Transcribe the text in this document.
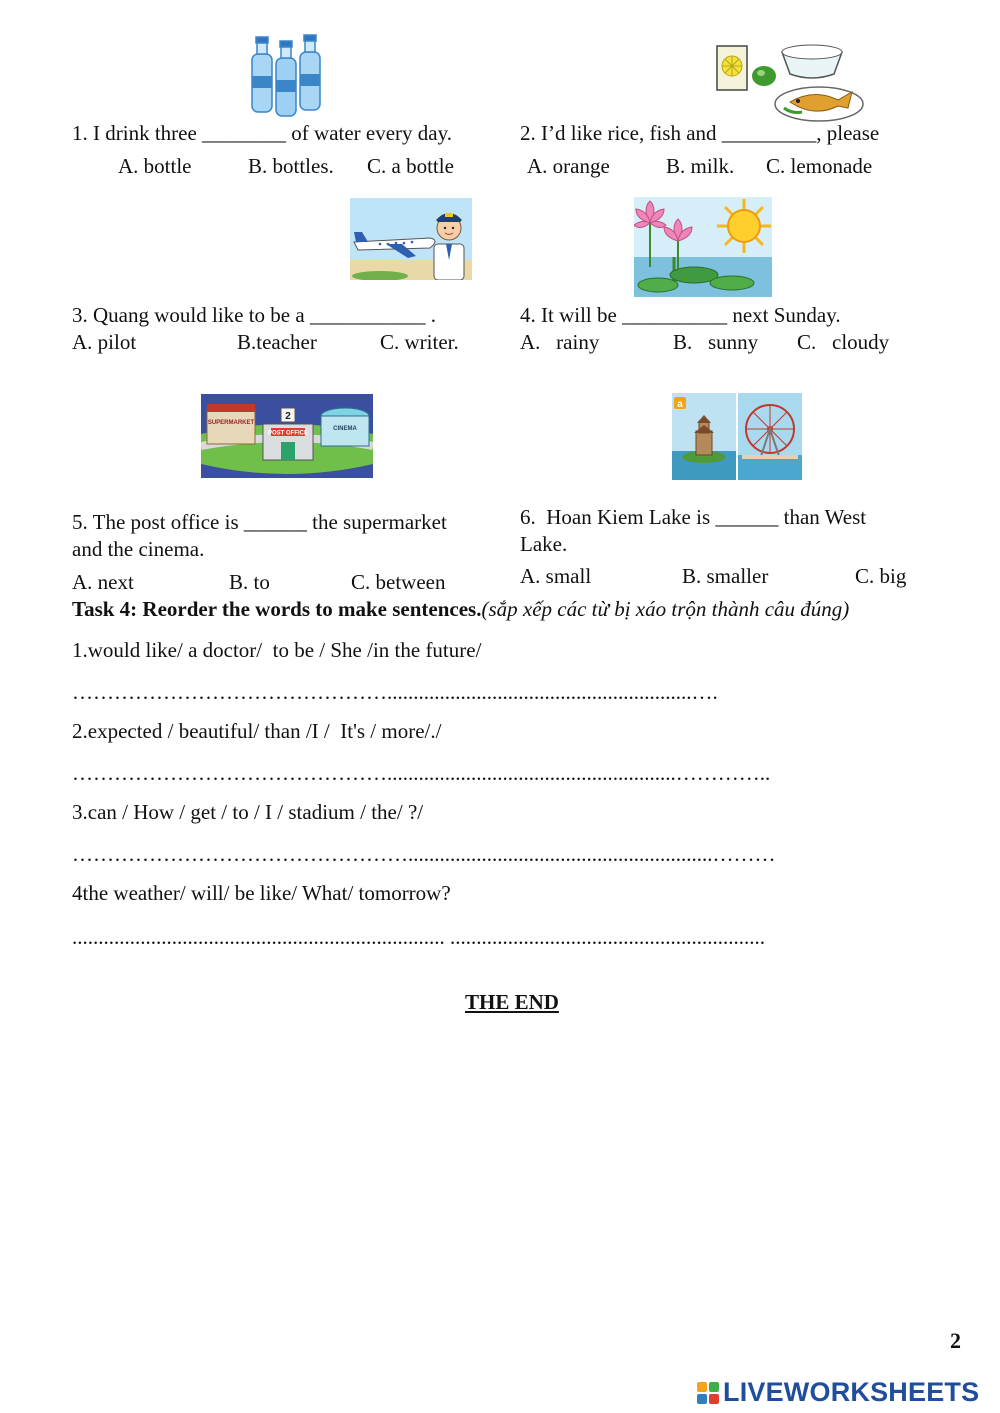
SUPERMARKET
POST OFFICE
2
CINEMA
a
1. I drink three ________ of water every day.
A. bottle	B. bottles. C. a bottle
2. I’d like rice, fish and _________, please
A. orange	B. milk. C. lemonade
3. Quang would like to be a ___________ .
A. pilot	B.teacher	C. writer.
4. It will be __________ next Sunday.
A.   rainy	B.   sunny C.   cloudy
5. The post office is ______ the supermarket
and the cinema.
A. next	B. to	C. between
6.  Hoan Kiem Lake is ______ than West
Lake.
A. small	B. smaller	C. big
Task 4: Reorder the words to make sentences.(sắp xếp các từ bị xáo trộn thành câu đúng)
1.would like/ a doctor/  to be / She /in the future/
………………………………………..........................................................….
2.expected / beautiful/ than /I /  It's / more/./
……………………………………….......................................................…………..
3.can / How / get / to / I / stadium / the/ ?/
…………………………………………..........................................................………
4the weather/ will/ be like/ What/ tomorrow?
....................................................................... ............................................................
THE END
2
LIVEWORKSHEETS
